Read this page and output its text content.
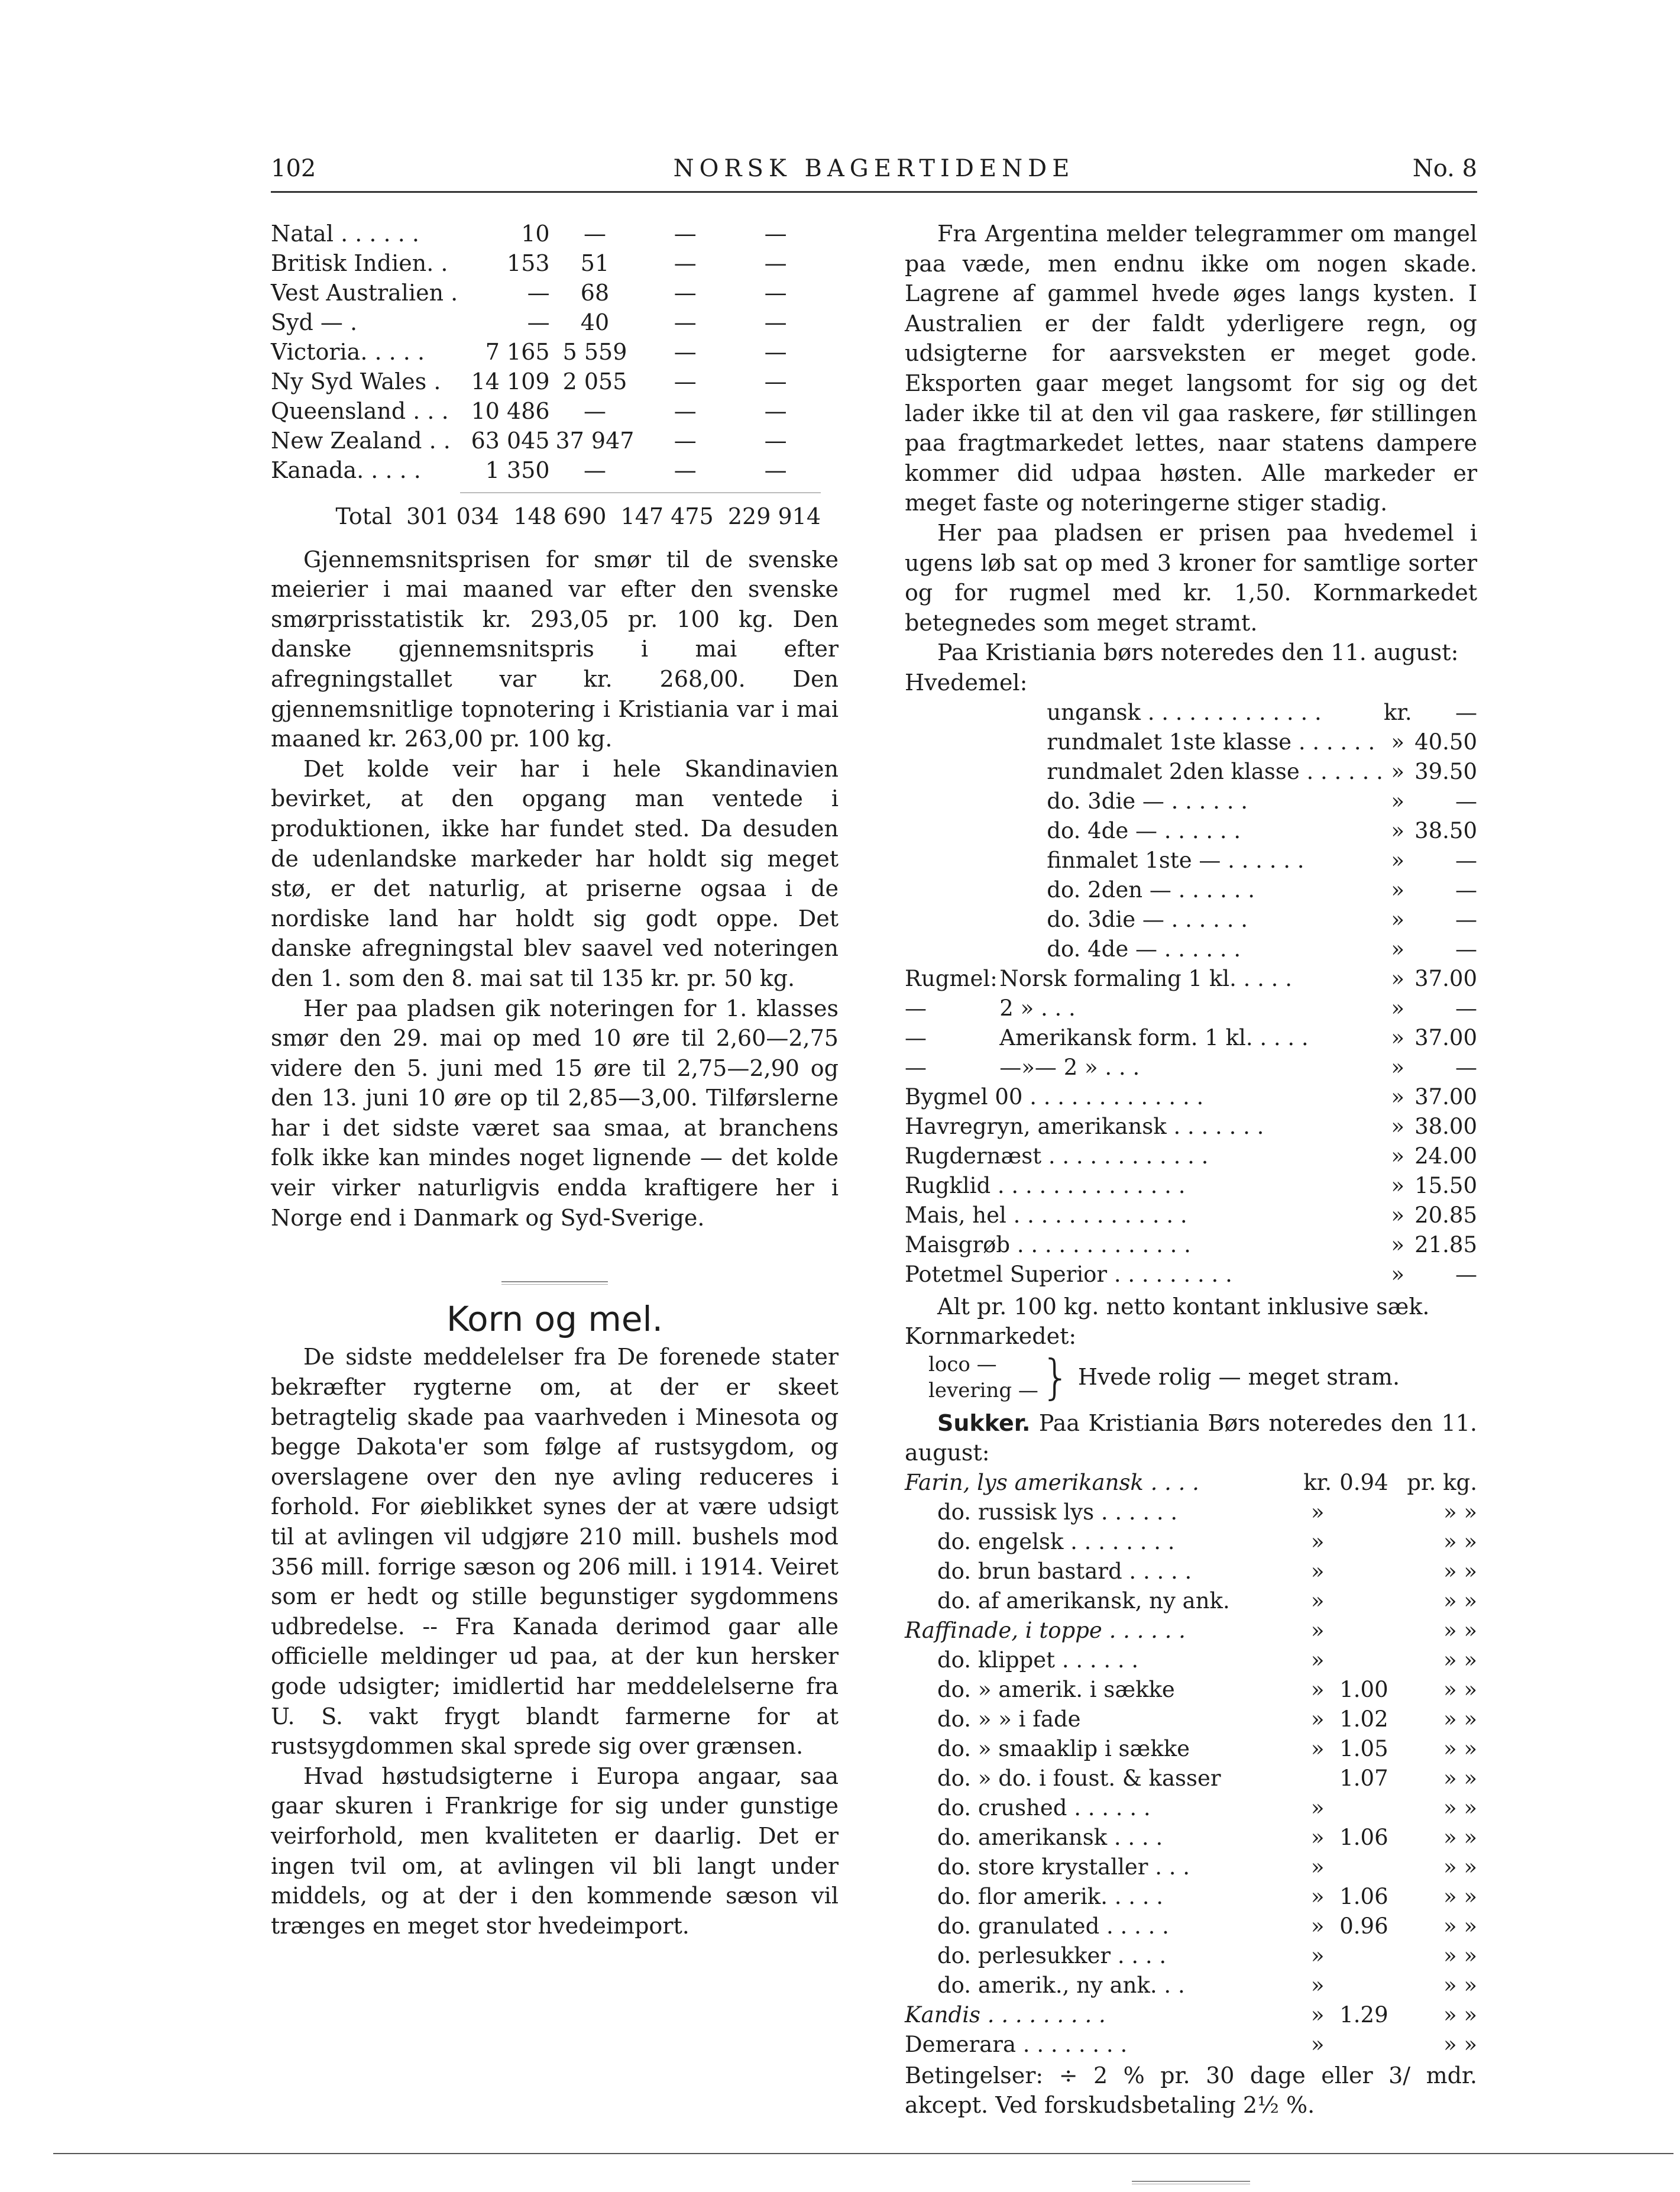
102	NORSK BAGERTIDENDE	No. 8
Natal . . . . . .	10	—	—	—
Britisk Indien. .	153	51	—	—
Vest Australien .	—	68	—	—
Syd — .	—	40	—	—
Victoria. . . . .	7 165	5 559	—	—
Ny Syd Wales .	14 109	2 055	—	—
Queensland . . .	10 486	—	—	—
New Zealand . .	63 045	37 947	—	—
Kanada. . . . .	1 350	—	—	—
Total  301 034  148 690  147 475  229 914

Gjennemsnitsprisen for smør til de svenske meierier i mai maaned var efter den svenske smørprisstatistik kr. 293,05 pr. 100 kg. Den danske gjennemsnitspris i mai efter afregningstallet var kr. 268,00. Den gjennemsnitlige topnotering i Kristiania var i mai maaned kr. 263,00 pr. 100 kg.

Det kolde veir har i hele Skandinavien bevirket, at den opgang man ventede i produktionen, ikke har fundet sted. Da desuden de udenlandske markeder har holdt sig meget stø, er det naturlig, at priserne ogsaa i de nordiske land har holdt sig godt oppe. Det danske afregningstal blev saavel ved noteringen den 1. som den 8. mai sat til 135 kr. pr. 50 kg.

Her paa pladsen gik noteringen for 1. klasses smør den 29. mai op med 10 øre til 2,60—2,75 videre den 5. juni med 15 øre til 2,75—2,90 og den 13. juni 10 øre op til 2,85—3,00. Tilførslerne har i det sidste været saa smaa, at branchens folk ikke kan mindes noget lignende — det kolde veir virker naturligvis endda kraftigere her i Norge end i Danmark og Syd-Sverige.

Korn og mel.

De sidste meddelelser fra De forenede stater bekræfter rygterne om, at der er skeet betragtelig skade paa vaarhveden i Minesota og begge Dakota'er som følge af rustsygdom, og overslagene over den nye avling reduceres i forhold. For øieblikket synes der at være udsigt til at avlingen vil udgjøre 210 mill. bushels mod 356 mill. forrige sæson og 206 mill. i 1914. Veiret som er hedt og stille begunstiger sygdommens udbredelse. -- Fra Kanada derimod gaar alle officielle meldinger ud paa, at der kun hersker gode udsigter; imidlertid har meddelelserne fra U. S. vakt frygt blandt farmerne for at rustsygdommen skal sprede sig over grænsen.

Hvad høstudsigterne i Europa angaar, saa gaar skuren i Frankrige for sig under gunstige veirforhold, men kvaliteten er daarlig. Det er ingen tvil om, at avlingen vil bli langt under middels, og at der i den kommende sæson vil trænges en meget stor hvedeimport.

Fra Argentina melder telegrammer om mangel paa væde, men endnu ikke om nogen skade. Lagrene af gammel hvede øges langs kysten. I Australien er der faldt yderligere regn, og udsigterne for aarsveksten er meget gode. Eksporten gaar meget langsomt for sig og det lader ikke til at den vil gaa raskere, før stillingen paa fragtmarkedet lettes, naar statens dampere kommer did udpaa høsten. Alle markeder er meget faste og noteringerne stiger stadig.

Her paa pladsen er prisen paa hvedemel i ugens løb sat op med 3 kroner for samtlige sorter og for rugmel med kr. 1,50. Kornmarkedet betegnedes som meget stramt.

Paa Kristiania børs noteredes den 11. august:

Hvedemel:
	ungansk . . . . . . . . . . . . .	kr.	—
	rundmalet 1ste klasse . . . . . .	»	40.50
	rundmalet 2den klasse . . . . . .	»	39.50
	do. 3die — . . . . . .	»	—
	do. 4de — . . . . . .	»	38.50
	finmalet 1ste — . . . . . .	»	—
	do. 2den — . . . . . .	»	—
	do. 3die — . . . . . .	»	—
	do. 4de — . . . . . .	»	—
Rugmel:	Norsk formaling 1 kl. . . . .	»	37.00
—	2 » . . .	»	—
—	Amerikansk form. 1 kl. . . . .	»	37.00
—	—»— 2 » . . .	»	—
Bygmel 00 . . . . . . . . . . . . .		»	37.00
Havregryn, amerikansk . . . . . . .		»	38.00
Rugdernæst . . . . . . . . . . . .		»	24.00
Rugklid . . . . . . . . . . . . . .		»	15.50
Mais, hel . . . . . . . . . . . . .		»	20.85
Maisgrøb . . . . . . . . . . . . .		»	21.85
Potetmel Superior . . . . . . . . .		»	—

Alt pr. 100 kg. netto kontant inklusive sæk.

Kornmarkedet:
loco —
levering — } Hvede rolig — meget stram.

Sukker. Paa Kristiania Børs noteredes den 11. august:

Farin, lys amerikansk . . . .	kr.	0.94	pr. kg.
do. russisk lys . . . . . .	»		» »
do. engelsk . . . . . . . .	»		» »
do. brun bastard . . . . .	»		» »
do. af amerikansk, ny ank.	»		» »
Raffinade, i toppe . . . . . .	»		» »
do. klippet . . . . . .	»		» »
do. » amerik. i sække	»	1.00	» »
do. » » i fade	»	1.02	» »
do. » smaaklip i sække	»	1.05	» »
do. » do. i foust. & kasser		1.07	» »
do. crushed . . . . . .	»		» »
do. amerikansk . . . .	»	1.06	» »
do. store krystaller . . .	»		» »
do. flor amerik. . . . .	»	1.06	» »
do. granulated . . . . .	»	0.96	» »
do. perlesukker . . . .	»		» »
do. amerik., ny ank. . .	»		» »
Kandis . . . . . . . . .	»	1.29	» »
Demerara . . . . . . . .	»		» »

Betingelser: ÷ 2 % pr. 30 dage eller 3/ mdr. akcept. Ved forskudsbetaling 2½ %.
